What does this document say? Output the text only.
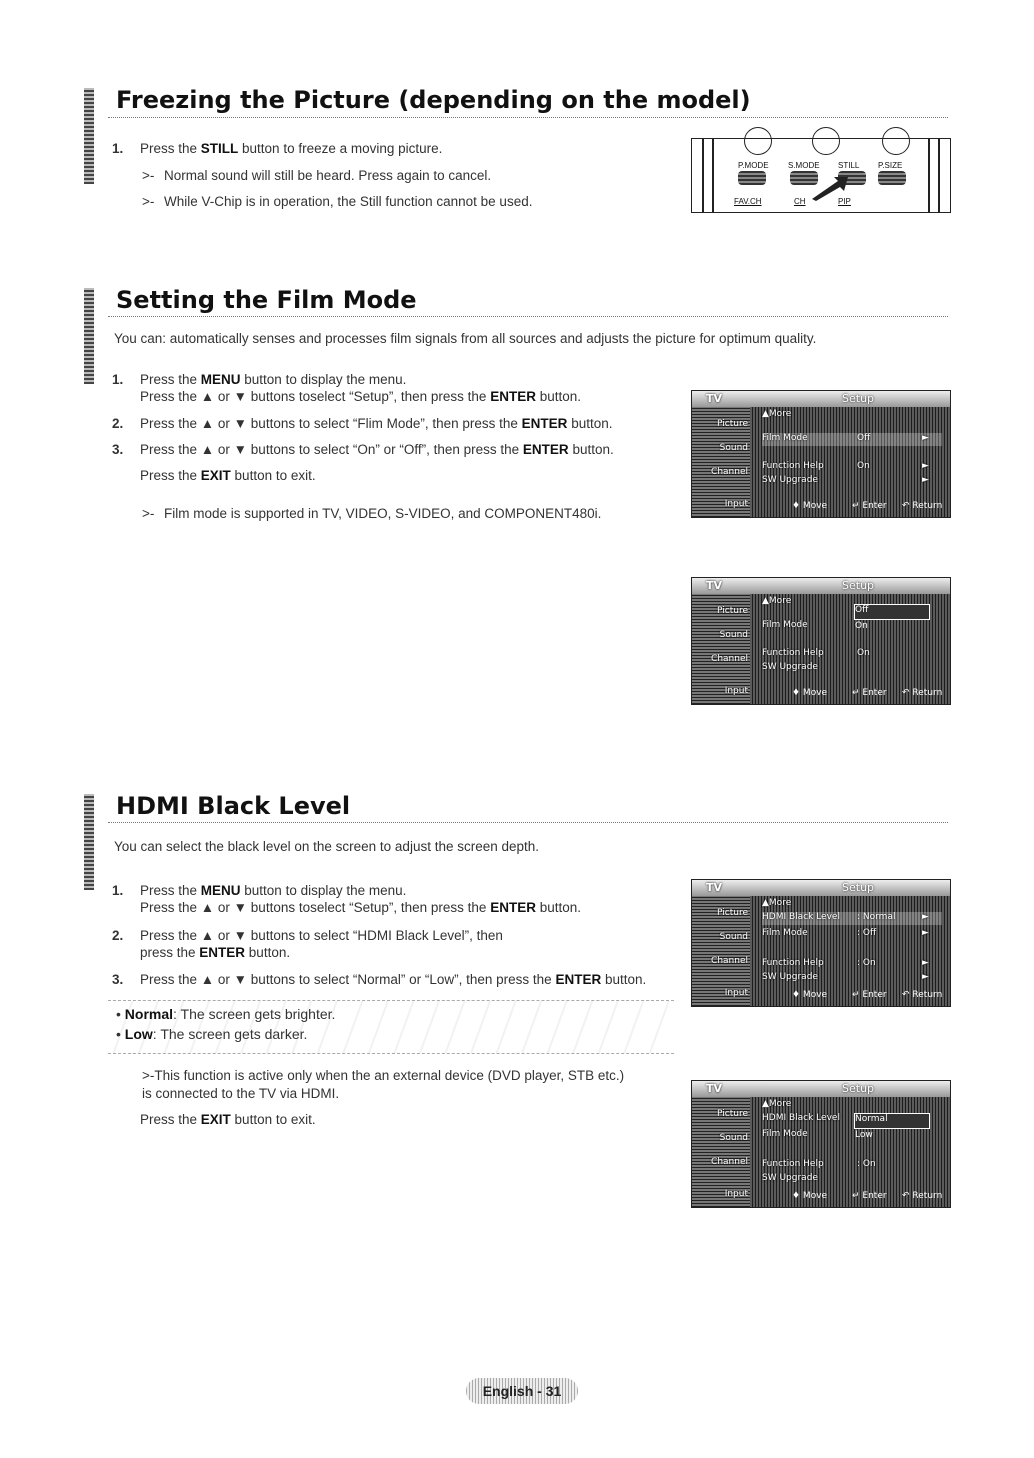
Freezing the Picture (depending on the model)
1. Press the STILL button to freeze a moving picture.
>- Normal sound will still be heard. Press again to cancel.
>- While V-Chip is in operation, the Still function cannot be used.
P.MODE S.MODE STILL P.SIZE
FAV.CH	CH	PIP
Setting the Film Mode
You can: automatically senses and processes film signals from all sources and adjusts the picture for optimum quality.
1. Press the MENU button to display the menu.
Press the ▲ or ▼ buttons toselect “Setup”, then press the ENTER button.
2. Press the ▲ or ▼ buttons to select “Flim Mode”, then press the ENTER button.
3. Press the ▲ or ▼ buttons to select “On” or “Off”, then press the ENTER button.
Press the EXIT button to exit.
>- Film mode is supported in TV, VIDEO, S-VIDEO, and COMPONENT480i.
TV	Setup
Picture
Sound
Channel
Input
▲More
Film Mode	Off	►
Function Help	On	►
SW Upgrade	►
♦ Move	↵ Enter ↶ Return
TV	Setup
Picture
Sound
Channel
Input
▲More
Film Mode
Function Help	On
SW Upgrade
Off
On
♦ Move	↵ Enter ↶ Return
HDMI Black Level
You can select the black level on the screen to adjust the screen depth.
1. Press the MENU button to display the menu.
Press the ▲ or ▼ buttons toselect “Setup”, then press the ENTER button.
2. Press the ▲ or ▼ buttons to select “HDMI Black Level”, then
press the ENTER button.
3. Press the ▲ or ▼ buttons to select “Normal” or “Low”, then press the ENTER button.
• Normal: The screen gets brighter.
• Low: The screen gets darker.
>-This function is active only when the an external device (DVD player, STB etc.)
is connected to the TV via HDMI.
Press the EXIT button to exit.
TV	Setup
Picture
Sound
Channel
Input
▲More
HDMI Black Level : Normal	►
Film Mode	: Off	►
Function Help	: On	►
SW Upgrade	►
♦ Move	↵ Enter ↶ Return
TV	Setup
Picture
Sound
Channel
Input
▲More
HDMI Black Level
Film Mode
Function Help	: On
SW Upgrade
Normal
Low
♦ Move	↵ Enter ↶ Return
English - 31
